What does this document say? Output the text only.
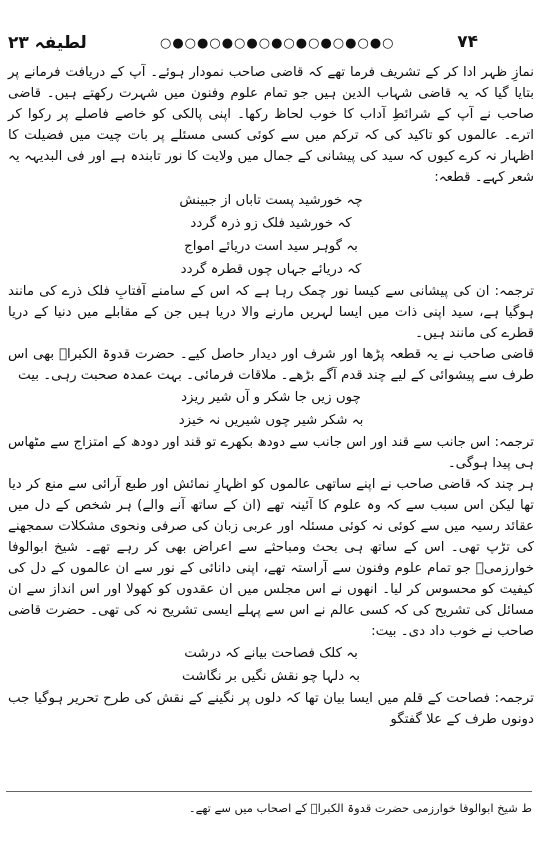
لطیفہ ۲۳	○●○●○●○●○●○●○●○●○●○	۷۴

نمازِ ظہر ادا کر کے تشریف فرما تھے کہ قاضی صاحب نمودار ہوئے۔ آپ کے دریافت فرمانے پر بتایا گیا کہ یہ قاضی شہاب الدین ہیں جو تمام علوم وفنون میں شہرت رکھتے ہیں۔ قاضی صاحب نے آپ کے شرائطِ آداب کا خوب لحاظ رکھا۔ اپنی پالکی کو خاصے فاصلے پر رکوا کر اترے۔ عالموں کو تاکید کی کہ ترکم میں سے کوئی کسی مسئلے پر بات چیت میں فضیلت کا اظہار نہ کرے کیوں کہ سید کی پیشانی کے جمال میں ولایت کا نور تابندہ ہے اور فی البدیہہ یہ شعر کہے۔ قطعہ:

چہ خورشید پست تاباں از جبینش
کہ خورشید فلک زو ذرہ گردد
بہ گوہر سید است دریائے امواج
کہ دریائے جہاں چوں قطرہ گردد

ترجمہ: ان کی پیشانی سے کیسا نور چمک رہا ہے کہ اس کے سامنے آفتابِ فلک ذرے کی مانند ہوگیا ہے، سید اپنی ذات میں ایسا لہریں مارنے والا دریا ہیں جن کے مقابلے میں دنیا کے دریا قطرے کی مانند ہیں۔

قاضی صاحب نے یہ قطعہ پڑھا اور شرف اور دیدار حاصل کیے۔ حضرت قدوۃ الکبراؒ بھی اس طرف سے پیشوائی کے لیے چند قدم آگے بڑھے۔ ملاقات فرمائی۔ بہت عمدہ صحبت رہی۔ بیت

چوں زیں جا شکر و آں شیر ریزد
بہ شکر شیر چوں شیریں نہ خیزد

ترجمہ: اس جانب سے قند اور اس جانب سے دودھ بکھرے تو قند اور دودھ کے امتزاج سے مٹھاس ہی پیدا ہوگی۔

ہر چند کہ قاضی صاحب نے اپنے ساتھی عالموں کو اظہارِ نمائش اور طبع آرائی سے منع کر دیا تھا لیکن اس سبب سے کہ وہ علوم کا آئینہ تھے (ان کے ساتھ آنے والے) ہر شخص کے دل میں عقائد رسیہ میں سے کوئی نہ کوئی مسئلہ اور عربی زبان کی صرفی ونحوی مشکلات سمجھنے کی تڑپ تھی۔ اس کے ساتھ ہی بحث ومباحثے سے اعراض بھی کر رہے تھے۔ شیخ ابوالوفا خوارزمیؒ جو تمام علوم وفنون سے آراستہ تھے، اپنی دانائی کے نور سے ان عالموں کے دل کی کیفیت کو محسوس کر لیا۔ انھوں نے اس مجلس میں ان عقدوں کو کھولا اور اس انداز سے ان مسائل کی تشریح کی کہ کسی عالم نے اس سے پہلے ایسی تشریح نہ کی تھی۔ حضرت قاضی صاحب نے خوب داد دی۔ بیت:

بہ کلک فصاحت بیانے کہ درشت
بہ دلہا چو نقش نگیں بر نگاشت

ترجمہ: فصاحت کے قلم میں ایسا بیان تھا کہ دلوں پر نگینے کے نقش کی طرح تحریر ہوگیا جب دونوں طرف کے علا گفتگو

ط شیخ ابوالوفا خوارزمی حضرت قدوۃ الکبراؒ کے اصحاب میں سے تھے۔
